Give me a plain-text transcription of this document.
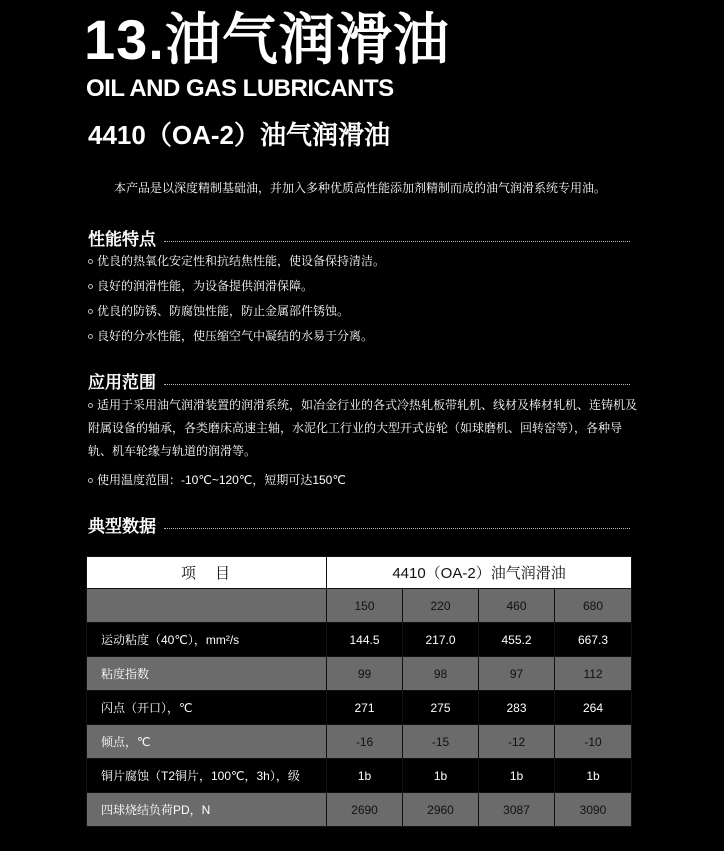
13.油气润滑油
OIL AND GAS LUBRICANTS
4410（OA-2）油气润滑油
本产品是以深度精制基础油，并加入多种优质高性能添加剂精制而成的油气润滑系统专用油。
性能特点
优良的热氧化安定性和抗结焦性能，使设备保持清洁。
良好的润滑性能，为设备提供润滑保障。
优良的防锈、防腐蚀性能，防止金属部件锈蚀。
良好的分水性能，使压缩空气中凝结的水易于分离。
应用范围
适用于采用油气润滑装置的润滑系统，如冶金行业的各式冷热轧板带轧机、线材及棒材轧机、连铸机及附属设备的轴承，各类磨床高速主轴，水泥化工行业的大型开式齿轮（如球磨机、回转窑等），各种导轨、机车轮缘与轨道的润滑等。
使用温度范围：-10℃~120℃，短期可达150℃
典型数据
项　目	4410（OA-2）油气润滑油			
	150	220	460	680
运动粘度（40℃），mm²/s	144.5	217.0	455.2	667.3
粘度指数	99	98	97	112
闪点（开口），℃	271	275	283	264
倾点，℃	-16	-15	-12	-10
铜片腐蚀（T2铜片，100℃，3h），级	1b	1b	1b	1b
四球烧结负荷PD，N	2690	2960	3087	3090
